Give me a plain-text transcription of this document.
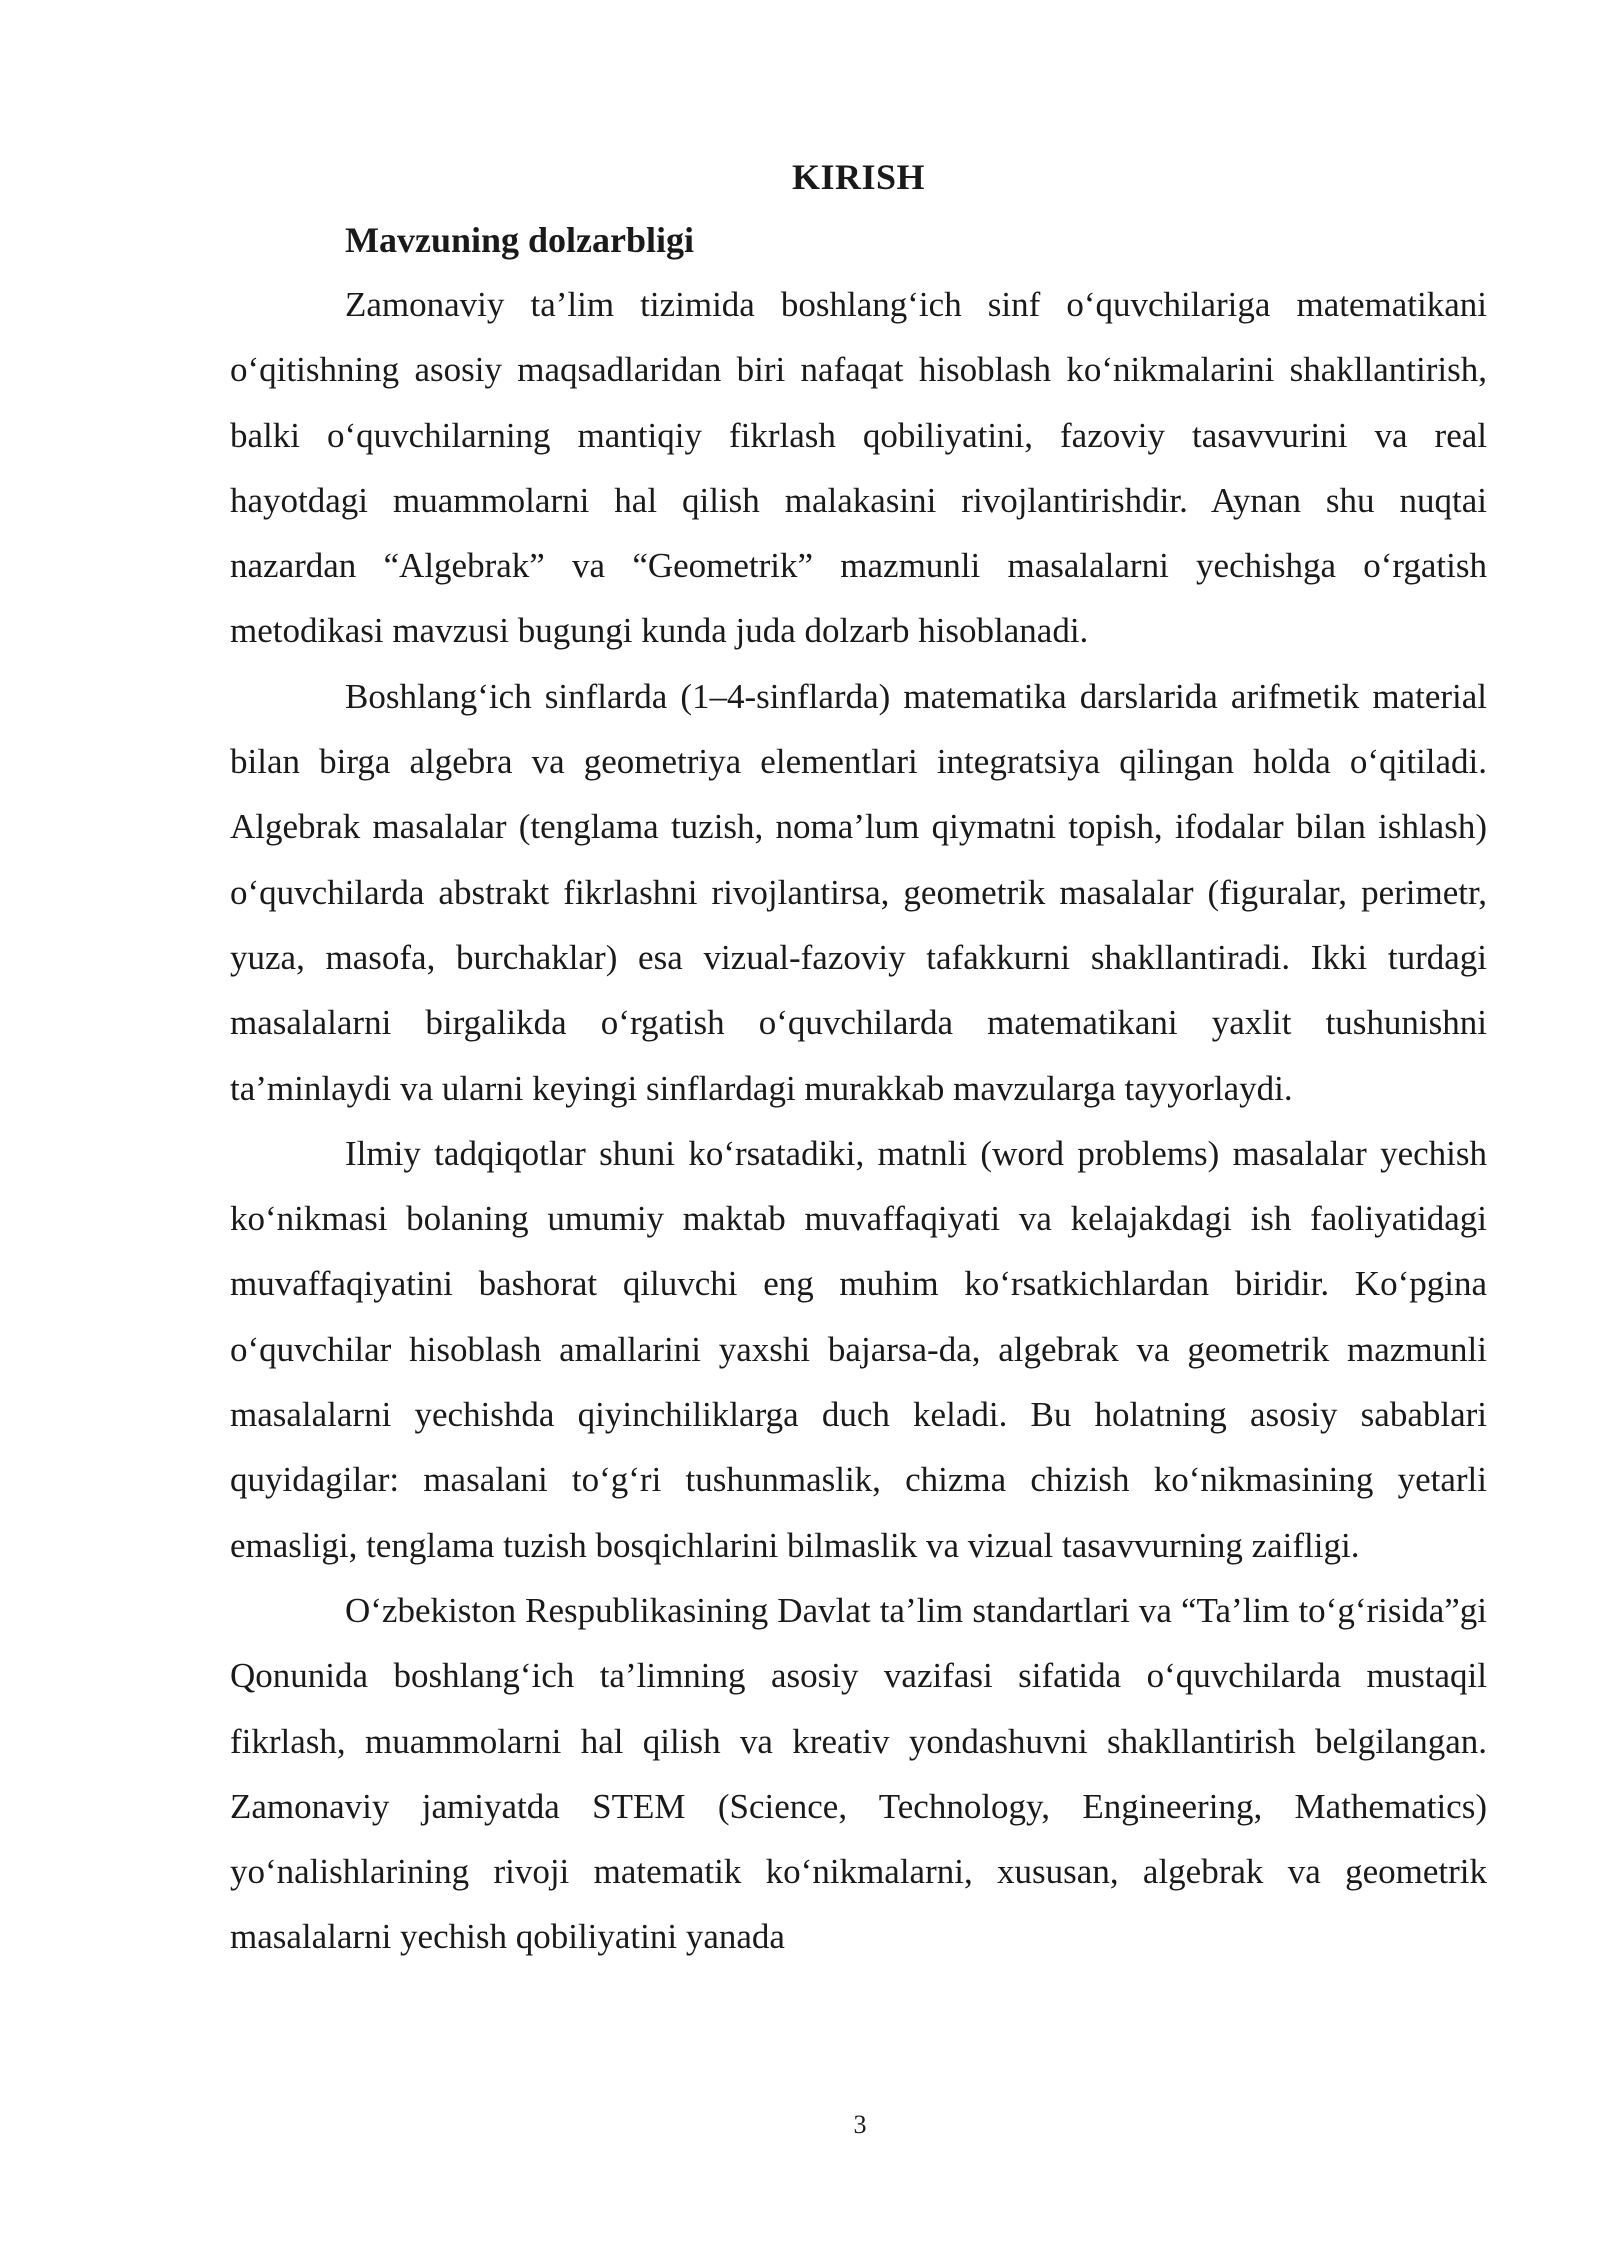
KIRISH
Mavzuning dolzarbligi

Zamonaviy ta’lim tizimida boshlang‘ich sinf o‘quvchilariga matematikani o‘qitishning asosiy maqsadlaridan biri nafaqat hisoblash ko‘nikmalarini shakllantirish, balki o‘quvchilarning mantiqiy fikrlash qobiliyatini, fazoviy tasavvurini va real hayotdagi muammolarni hal qilish malakasini rivojlantirishdir. Aynan shu nuqtai nazardan “Algebrak” va “Geometrik” mazmunli masalalarni yechishga o‘rgatish metodikasi mavzusi bugungi kunda juda dolzarb hisoblanadi.

Boshlang‘ich sinflarda (1–4-sinflarda) matematika darslarida arifmetik material bilan birga algebra va geometriya elementlari integratsiya qilingan holda o‘qitiladi. Algebrak masalalar (tenglama tuzish, noma’lum qiymatni topish, ifodalar bilan ishlash) o‘quvchilarda abstrakt fikrlashni rivojlantirsa, geometrik masalalar (figuralar, perimetr, yuza, masofa, burchaklar) esa vizual-fazoviy tafakkurni shakllantiradi. Ikki turdagi masalalarni birgalikda o‘rgatish o‘quvchilarda matematikani yaxlit tushunishni ta’minlaydi va ularni keyingi sinflardagi murakkab mavzularga tayyorlaydi.

Ilmiy tadqiqotlar shuni ko‘rsatadiki, matnli (word problems) masalalar yechish ko‘nikmasi bolaning umumiy maktab muvaffaqiyati va kelajakdagi ish faoliyatidagi muvaffaqiyatini bashorat qiluvchi eng muhim ko‘rsatkichlardan biridir. Ko‘pgina o‘quvchilar hisoblash amallarini yaxshi bajarsa-da, algebrak va geometrik mazmunli masalalarni yechishda qiyinchiliklarga duch keladi. Bu holatning asosiy sabablari quyidagilar: masalani to‘g‘ri tushunmaslik, chizma chizish ko‘nikmasining yetarli emasligi, tenglama tuzish bosqichlarini bilmaslik va vizual tasavvurning zaifligi.

O‘zbekiston Respublikasining Davlat ta’lim standartlari va “Ta’lim to‘g‘risida”gi Qonunida boshlang‘ich ta’limning asosiy vazifasi sifatida o‘quvchilarda mustaqil fikrlash, muammolarni hal qilish va kreativ yondashuvni shakllantirish belgilangan. Zamonaviy jamiyatda STEM (Science, Technology, Engineering, Mathematics) yo‘nalishlarining rivoji matematik ko‘nikmalarni, xususan, algebrak va geometrik masalalarni yechish qobiliyatini yanada

3
